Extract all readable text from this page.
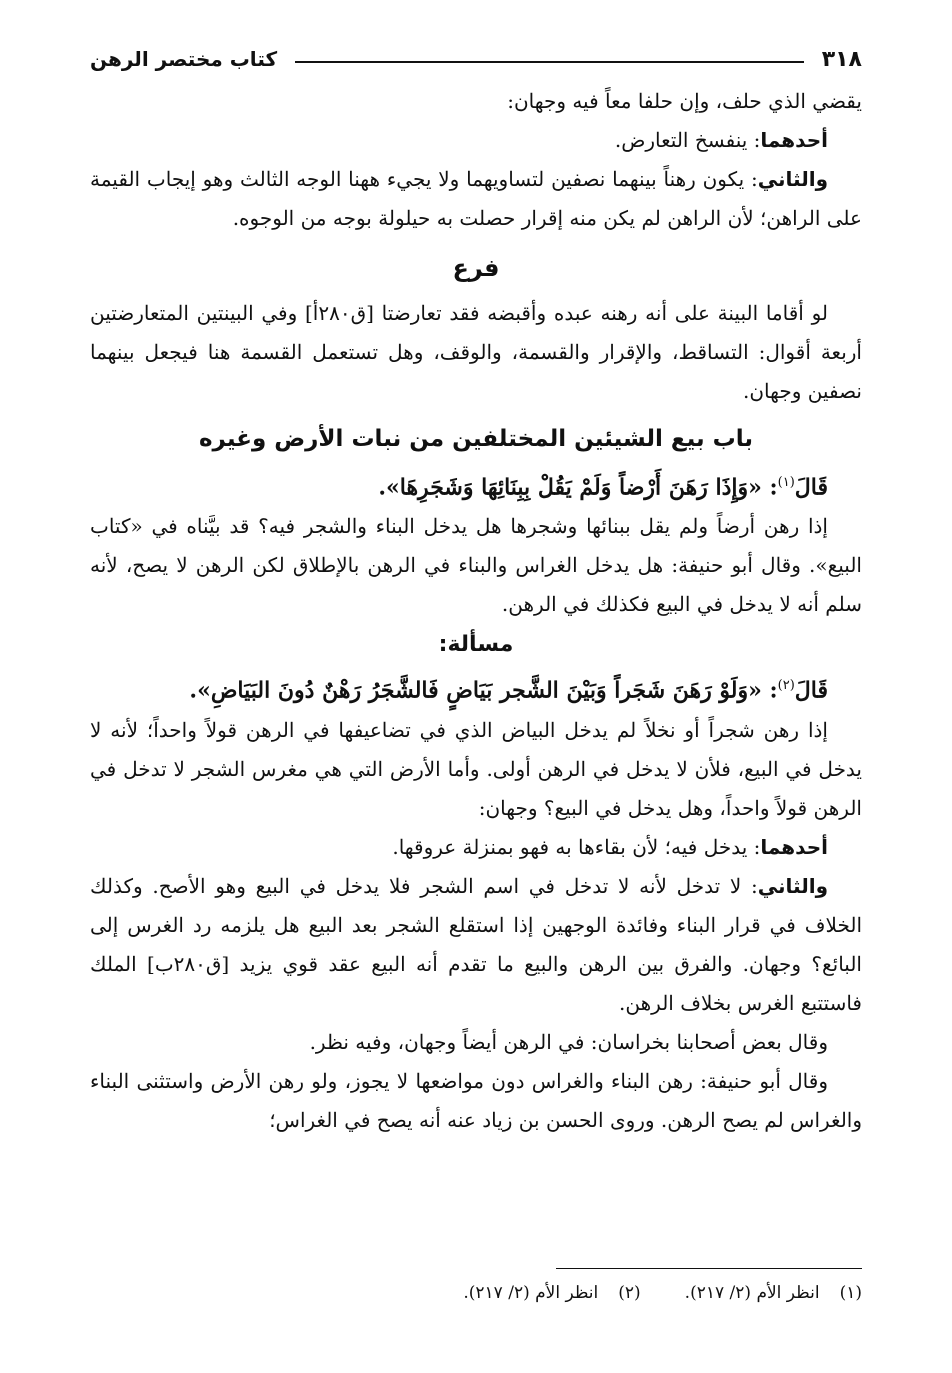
٣١٨
كتاب مختصر الرهن

يقضي الذي حلف، وإن حلفا معاً فيه وجهان:

أحدهما: ينفسخ التعارض.

والثاني: يكون رهناً بينهما نصفين لتساويهما ولا يجيء ههنا الوجه الثالث وهو إيجاب القيمة على الراهن؛ لأن الراهن لم يكن منه إقرار حصلت به حيلولة بوجه من الوجوه.

فرع

لو أقاما البينة على أنه رهنه عبده وأقبضه فقد تعارضتا [ق٢٨٠أ] وفي البينتين المتعارضتين أربعة أقوال: التساقط، والإقرار والقسمة، والوقف، وهل تستعمل القسمة هنا فيجعل بينهما نصفين وجهان.

باب بيع الشيئين المختلفين من نبات الأرض وغيره

قَالَ$^{(١)}$: «وَإِذَا رَهَنَ أَرْضاً وَلَمْ يَقُلْ بِبِنَائِهَا وَشَجَرِهَا».

إذا رهن أرضاً ولم يقل ببنائها وشجرها هل يدخل البناء والشجر فيه؟ قد بيَّناه في «كتاب البيع». وقال أبو حنيفة: هل يدخل الغراس والبناء في الرهن بالإطلاق لكن الرهن لا يصح، لأنه سلم أنه لا يدخل في البيع فكذلك في الرهن.

مسألة:

قَالَ$^{(٢)}$: «وَلَوْ رَهَنَ شَجَراً وَبَيْنَ الشَّجر بَيَاضٍ فَالشَّجَرُ رَهْنٌ دُونَ البَيَاضِ».

إذا رهن شجراً أو نخلاً لم يدخل البياض الذي في تضاعيفها في الرهن قولاً واحداً؛ لأنه لا يدخل في البيع، فلأن لا يدخل في الرهن أولى. وأما الأرض التي هي مغرس الشجر لا تدخل في الرهن قولاً واحداً، وهل يدخل في البيع؟ وجهان:

أحدهما: يدخل فيه؛ لأن بقاءها به فهو بمنزلة عروقها.

والثاني: لا تدخل لأنه لا تدخل في اسم الشجر فلا يدخل في البيع وهو الأصح. وكذلك الخلاف في قرار البناء وفائدة الوجهين إذا استقلع الشجر بعد البيع هل يلزمه رد الغرس إلى البائع؟ وجهان. والفرق بين الرهن والبيع ما تقدم أنه البيع عقد قوي يزيد [ق٢٨٠ب] الملك فاستتبع الغرس بخلاف الرهن.

وقال بعض أصحابنا بخراسان: في الرهن أيضاً وجهان، وفيه نظر.

وقال أبو حنيفة: رهن البناء والغراس دون مواضعها لا يجوز، ولو رهن الأرض واستثنى البناء والغراس لم يصح الرهن. وروى الحسن بن زياد عنه أنه يصح في الغراس؛

(١)انظر الأم (٢/ ٢١٧).
(٢)انظر الأم (٢/ ٢١٧).
